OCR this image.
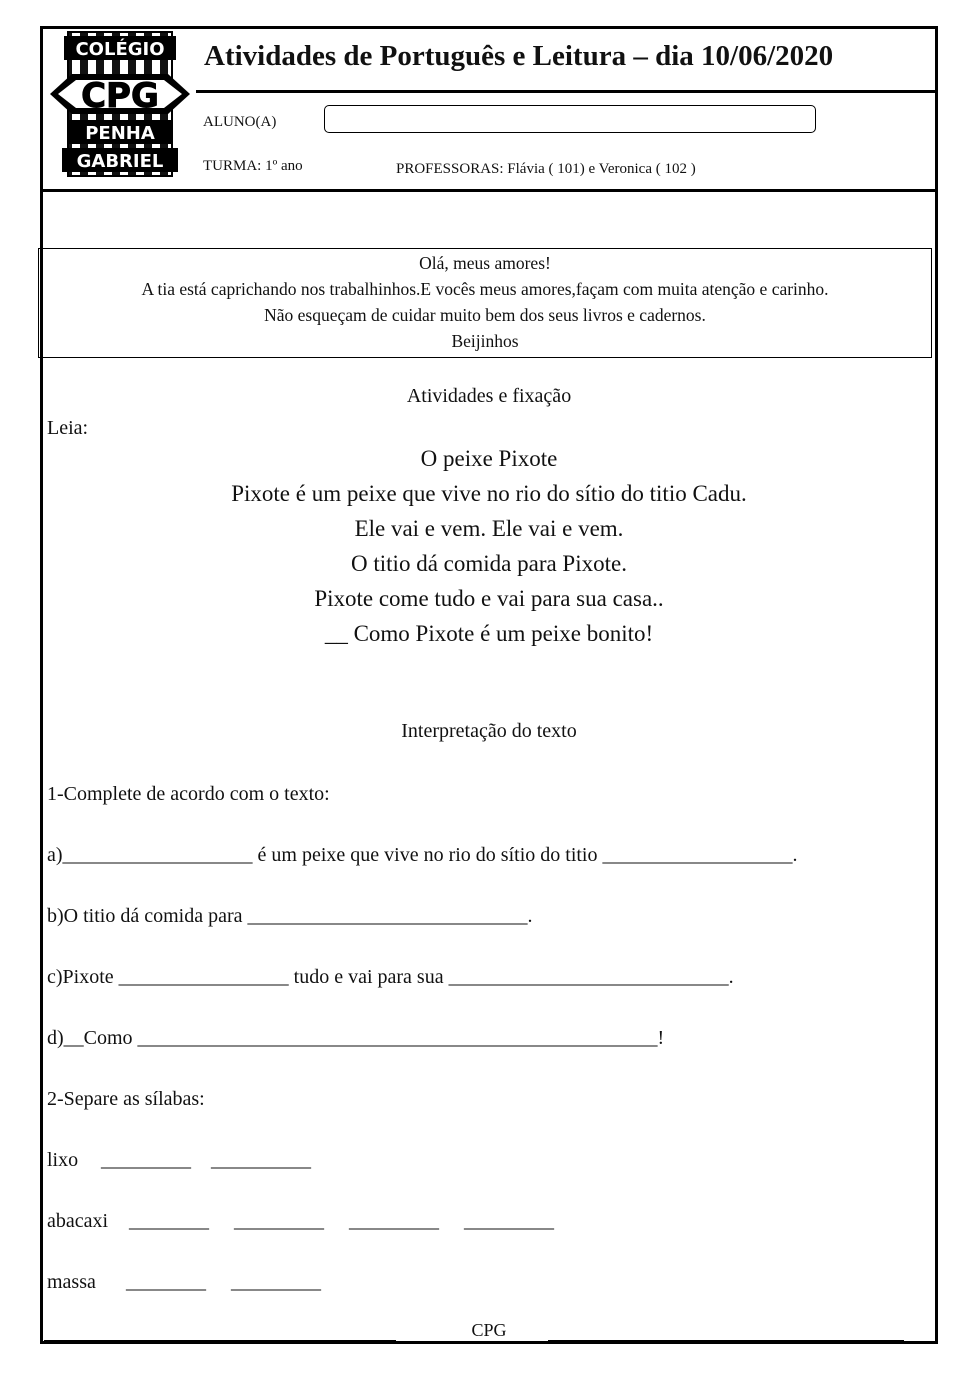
COLÉGIO
CPG
PENHA
GABRIEL
Atividades de Português e Leitura – dia 10/06/2020
ALUNO(A)
TURMA: 1º ano	PROFESSORAS: Flávia ( 101) e Veronica ( 102 )
Olá, meus amores!
A tia está caprichando nos trabalhinhos.E vocês meus amores,façam com muita atenção e carinho.
Não esqueçam de cuidar muito bem dos seus livros e cadernos.
Beijinhos
Atividades e fixação
Leia:
O peixe Pixote
Pixote é um peixe que vive no rio do sítio do titio Cadu.
Ele vai e vem. Ele vai e vem.
O titio dá comida para Pixote.
Pixote come tudo e vai para sua casa..
__ Como Pixote é um peixe bonito!
Interpretação do texto
1-Complete de acordo com o texto:
a)___________________ é um peixe que vive no rio do sítio do titio ___________________.
b)O titio dá comida para ____________________________.
c)Pixote _________________ tudo e vai para sua ____________________________.
d)__Como ____________________________________________________!
2-Separe as sílabas:
lixo _________    __________
abacaxi ________     _________     _________     _________
massa ________     _________
CPG
